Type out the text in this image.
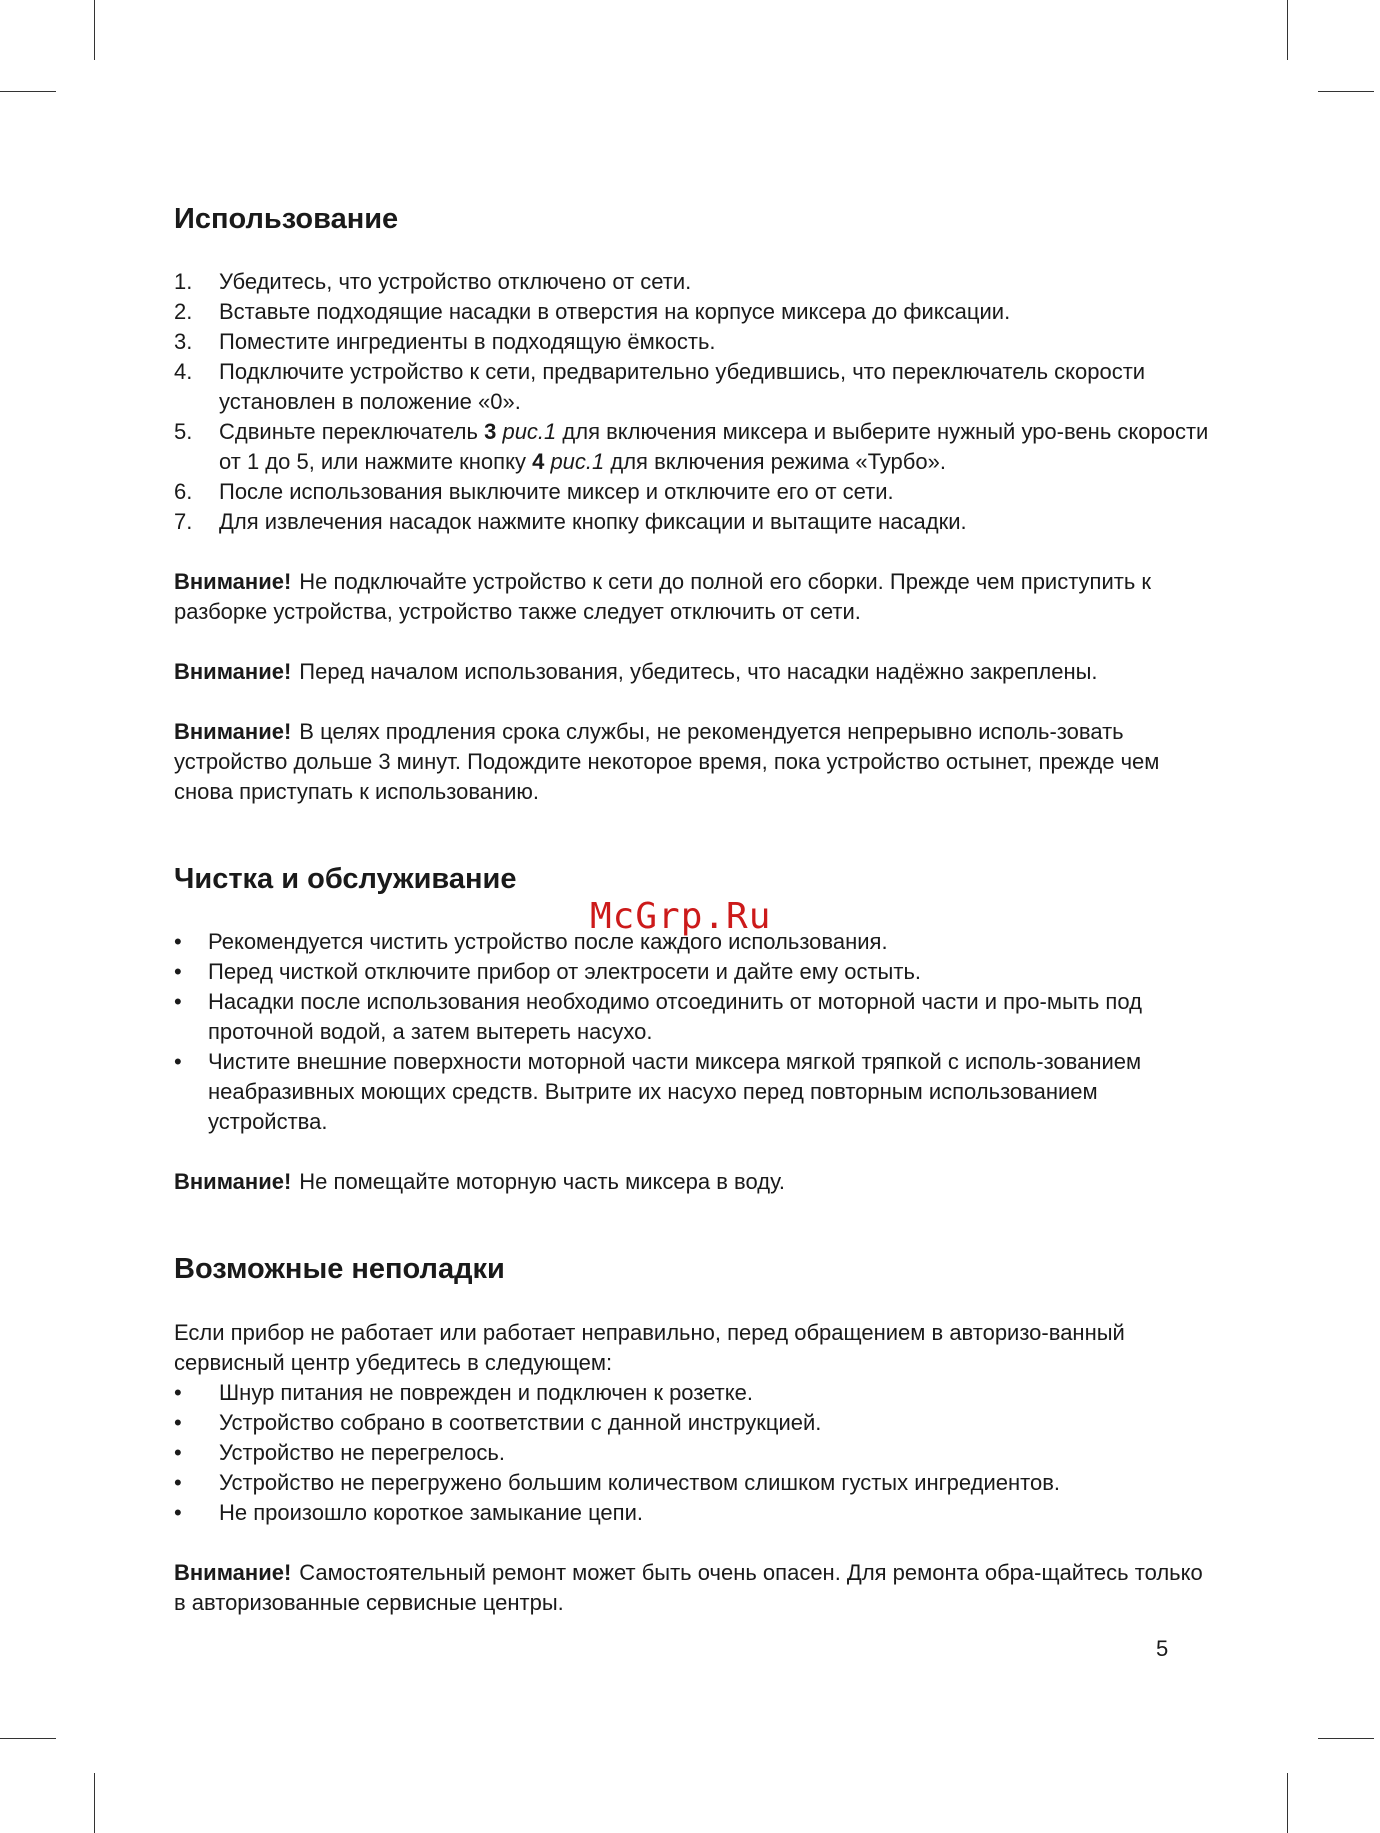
Использование
1.	Убедитесь, что устройство отключено от сети.
2.	Вставьте подходящие насадки в отверстия на корпусе миксера до фиксации.
3.	Поместите ингредиенты в подходящую ёмкость.
4.	Подключите устройство к сети, предварительно убедившись, что переключатель скорости установлен в положение «0».
5.	Сдвиньте переключатель 3 рис.1 для включения миксера и выберите нужный уро-вень скорости от 1 до 5, или нажмите кнопку 4 рис.1 для включения режима «Турбо».
6.	После использования выключите миксер и отключите его от сети.
7.	Для извлечения насадок нажмите кнопку фиксации и вытащите насадки.

Внимание! Не подключайте устройство к сети до полной его сборки. Прежде чем приступить к разборке устройства, устройство также следует отключить от сети.

Внимание! Перед началом использования, убедитесь, что насадки надёжно закреплены.

Внимание! В целях продления срока службы, не рекомендуется непрерывно исполь-зовать устройство дольше 3 минут. Подождите некоторое время, пока устройство остынет, прежде чем снова приступать к использованию.

Чистка и обслуживание
•	Рекомендуется чистить устройство после каждого использования.
•	Перед чисткой отключите прибор от электросети и дайте ему остыть.
•	Насадки после использования необходимо отсоединить от моторной части и про-мыть под проточной водой, а затем вытереть насухо.
•	Чистите внешние поверхности моторной части миксера мягкой тряпкой с исполь-зованием неабразивных моющих средств. Вытрите их насухо перед повторным использованием устройства.

Внимание! Не помещайте моторную часть миксера в воду.

Возможные неполадки

Если прибор не работает или работает неправильно, перед обращением в авторизо-ванный сервисный центр убедитесь в следующем:

•	Шнур питания не поврежден и подключен к розетке.
•	Устройство собрано в соответствии с данной инструкцией.
•	Устройство не перегрелось.
•	Устройство не перегружено большим количеством слишком густых ингредиентов.
•	Не произошло короткое замыкание цепи.

Внимание! Самостоятельный ремонт может быть очень опасен. Для ремонта обра-щайтесь только в авторизованные сервисные центры.

McGrp.Ru
5
